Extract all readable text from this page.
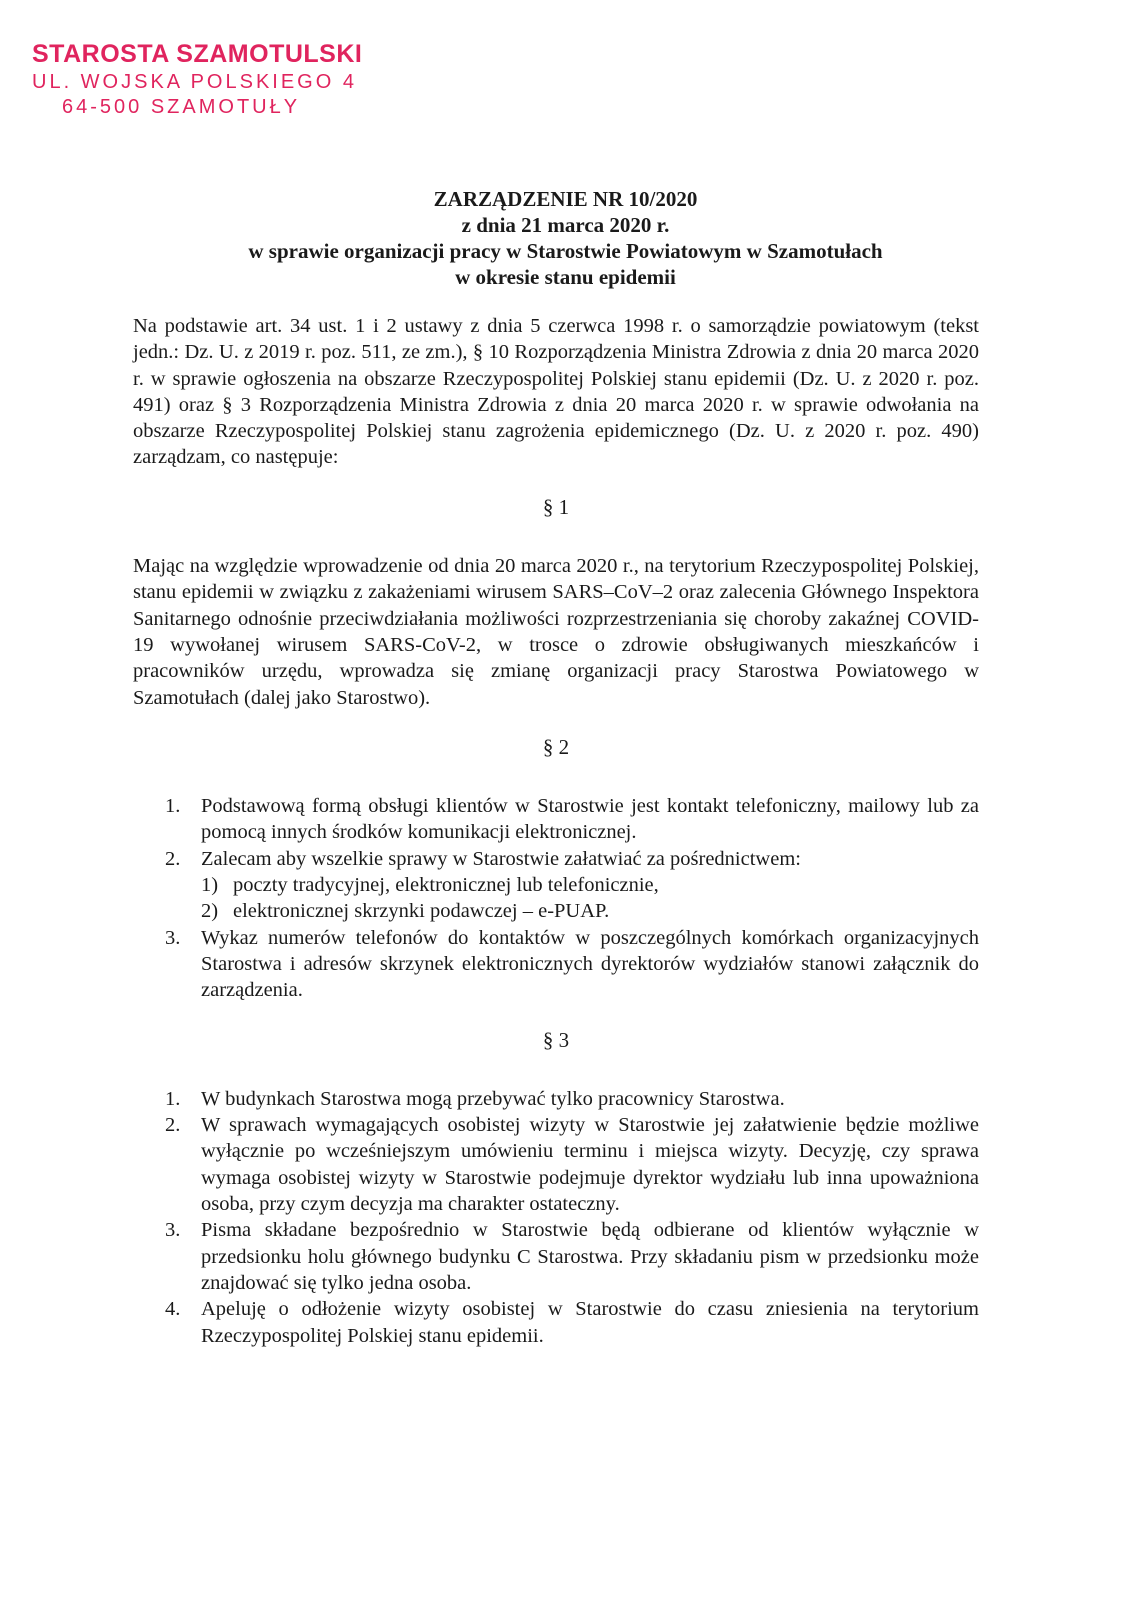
STAROSTA SZAMOTULSKI
UL. WOJSKA POLSKIEGO 4
64-500 SZAMOTUŁY
ZARZĄDZENIE NR 10/2020
z dnia 21 marca 2020 r.
w sprawie organizacji pracy w Starostwie Powiatowym w Szamotułach
w okresie stanu epidemii

Na podstawie art. 34 ust. 1 i 2 ustawy z dnia 5 czerwca 1998 r. o samorządzie powiatowym (tekst jedn.: Dz. U. z 2019 r. poz. 511, ze zm.), § 10 Rozporządzenia Ministra Zdrowia z dnia 20 marca 2020 r. w sprawie ogłoszenia na obszarze Rzeczypospolitej Polskiej stanu epidemii (Dz. U. z 2020 r. poz. 491) oraz § 3 Rozporządzenia Ministra Zdrowia z dnia 20 marca 2020 r. w sprawie odwołania na obszarze Rzeczypospolitej Polskiej stanu zagrożenia epidemicznego (Dz. U. z 2020 r. poz. 490) zarządzam, co następuje:

§ 1

Mając na względzie wprowadzenie od dnia 20 marca 2020 r., na terytorium Rzeczypospolitej Polskiej, stanu epidemii w związku z zakażeniami wirusem SARS–CoV–2 oraz zalecenia Głównego Inspektora Sanitarnego odnośnie przeciwdziałania możliwości rozprzestrzeniania się choroby zakaźnej COVID-19 wywołanej wirusem SARS-CoV-2, w trosce o zdrowie obsługiwanych mieszkańców i pracowników urzędu, wprowadza się zmianę organizacji pracy Starostwa Powiatowego w Szamotułach (dalej jako Starostwo).

§ 2
1. Podstawową formą obsługi klientów w Starostwie jest kontakt telefoniczny, mailowy lub za pomocą innych środków komunikacji elektronicznej.
2. Zalecam aby wszelkie sprawy w Starostwie załatwiać za pośrednictwem:
1) poczty tradycyjnej, elektronicznej lub telefonicznie,
2) elektronicznej skrzynki podawczej – e-PUAP.
3. Wykaz numerów telefonów do kontaktów w poszczególnych komórkach organizacyjnych Starostwa i adresów skrzynek elektronicznych dyrektorów wydziałów stanowi załącznik do zarządzenia.
§ 3
1. W budynkach Starostwa mogą przebywać tylko pracownicy Starostwa.
2. W sprawach wymagających osobistej wizyty w Starostwie jej załatwienie będzie możliwe wyłącznie po wcześniejszym umówieniu terminu i miejsca wizyty. Decyzję, czy sprawa wymaga osobistej wizyty w Starostwie podejmuje dyrektor wydziału lub inna upoważniona osoba, przy czym decyzja ma charakter ostateczny.
3. Pisma składane bezpośrednio w Starostwie będą odbierane od klientów wyłącznie w przedsionku holu głównego budynku C Starostwa. Przy składaniu pism w przedsionku może znajdować się tylko jedna osoba.
4. Apeluję o odłożenie wizyty osobistej w Starostwie do czasu zniesienia na terytorium Rzeczypospolitej Polskiej stanu epidemii.
